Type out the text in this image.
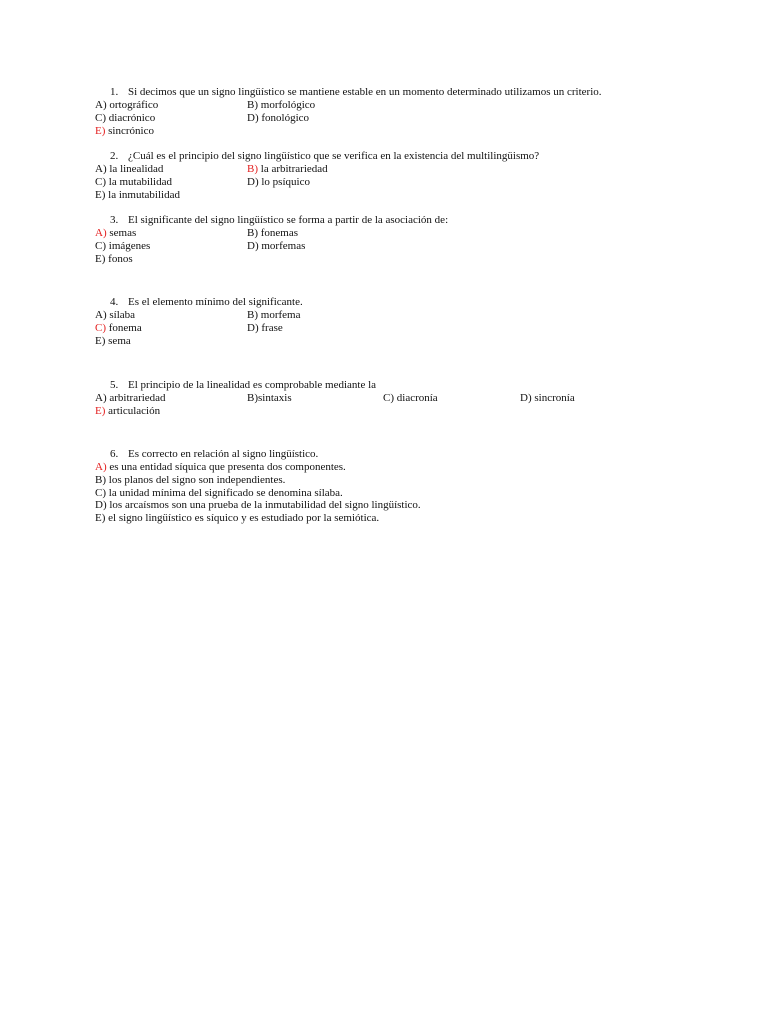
1. Si decimos que un signo lingüístico se mantiene estable en un momento determinado utilizamos un criterio.
A) ortográfico	B) morfológico
C) diacrónico	D) fonológico
E) sincrónico
2. ¿Cuál es el principio del signo lingüístico que se verifica en la existencia del multilingüismo?
A) la linealidad	B) la arbitrariedad
C) la mutabilidad	D) lo psíquico
E) la inmutabilidad
3. El significante del signo lingüístico se forma a partir de la asociación de:
A) semas	B) fonemas
C) imágenes	D) morfemas
E) fonos
4. Es el elemento mínimo del significante.
A) sílaba	B) morfema
C) fonema	D) frase
E) sema
5. El principio de la linealidad es comprobable mediante la
A) arbitrariedad	B)sintaxis	C) diacronía	D) sincronía
E) articulación
6. Es correcto en relación al signo lingüístico.
A) es una entidad síquica que presenta dos componentes.
B) los planos del signo son independientes.
C) la unidad mínima del significado se denomina sílaba.
D) los arcaísmos son una prueba de la inmutabilidad del signo lingüístico.
E) el signo lingüístico es síquico y es estudiado por la semiótica.
